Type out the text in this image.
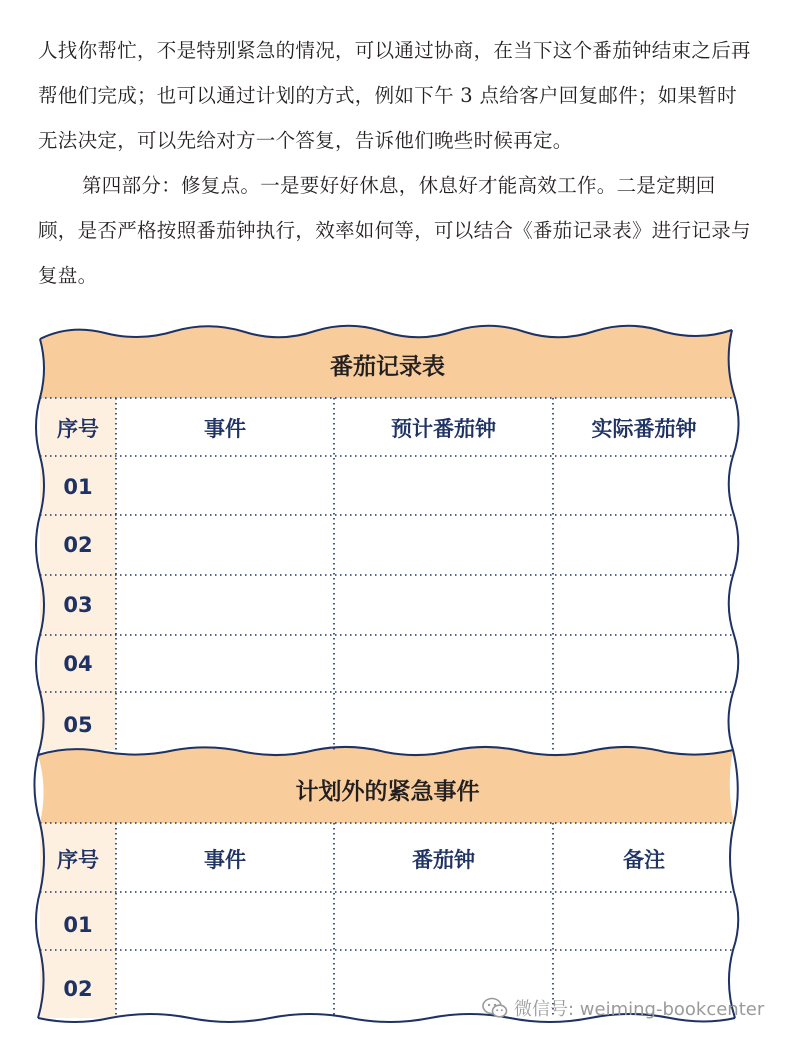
人找你帮忙，不是特别紧急的情况，可以通过协商，在当下这个番茄钟结束之后再帮他们完成；也可以通过计划的方式，例如下午 3 点给客户回复邮件；如果暂时无法决定，可以先给对方一个答复，告诉他们晚些时候再定。

第四部分：修复点。一是要好好休息，休息好才能高效工作。二是定期回顾，是否严格按照番茄钟执行，效率如何等，可以结合《番茄记录表》进行记录与复盘。

番茄记录表
序号	事件	预计番茄钟	实际番茄钟
01
02
03
04
05
计划外的紧急事件
序号	事件	番茄钟	备注
01
02
微信号: weiming-bookcenter
